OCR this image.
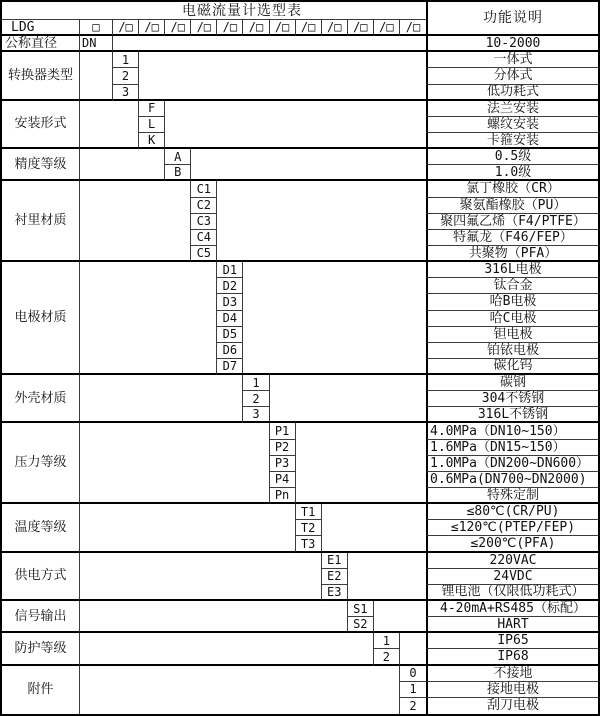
电磁流量计选型表	功能说明
LDG	□	/□ /□ /□ /□ /□ /□ /□ /□ /□ /□ /□	/□
公称直径	DN	10-2000
转换器类型
1	一体式
2	分体式
3	低功耗式
安装形式
F	法兰安装
L	螺纹安装
K	卡箍安装
精度等级
A	0.5级
B	1.0级
衬里材质
C1	氯丁橡胶（CR）
C2	聚氨酯橡胶（PU）
C3	聚四氟乙烯（F4/PTFE）
C4	特氟龙（F46/FEP）
C5	共聚物（PFA）
电极材质
D1	316L电极
D2	钛合金
D3	哈B电极
D4	哈C电极
D5	钽电极
D6	铂铱电极
D7	碳化钨
外壳材质
1	碳钢
2	304不锈钢
3	316L不锈钢
压力等级
P1	4.0MPa（DN10~150）
P2	1.6MPa（DN15~150）
P3	1.0MPa（DN200~DN600）
P4	0.6MPa(DN700~DN2000)
Pn	特殊定制
温度等级
T1	≤80℃(CR/PU)
T2	≤120℃(PTEP/FEP)
T3	≤200℃(PFA)
供电方式
E1	220VAC
E2	24VDC
E3	锂电池（仅限低功耗式）
信号输出
S1	4-20mA+RS485（标配）
S2	HART
防护等级
1	IP65
2	IP68
附件
0	不接地
1	接地电极
2	刮刀电极
